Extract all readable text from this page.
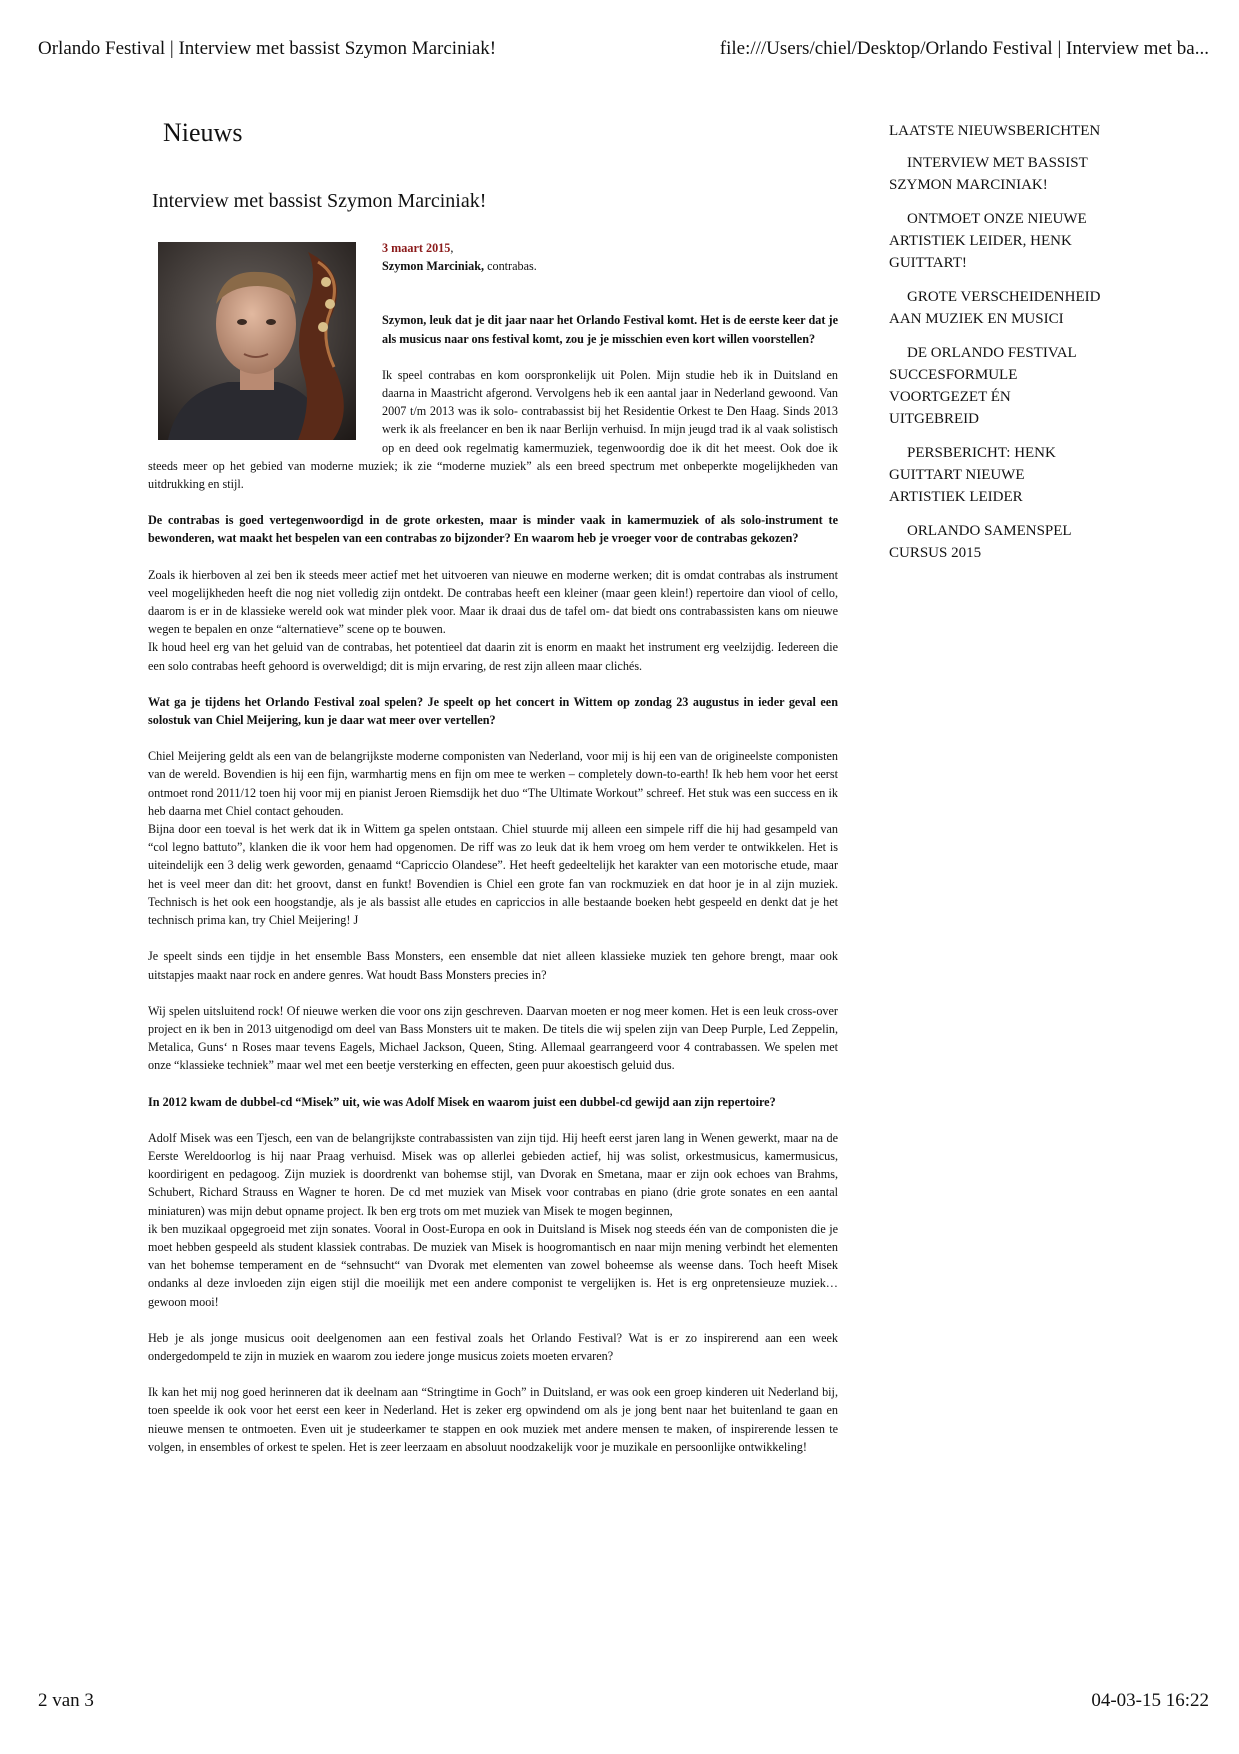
Orlando Festival | Interview met bassist Szymon Marciniak!	file:///Users/chiel/Desktop/Orlando Festival | Interview met ba...
Nieuws
Interview met bassist Szymon Marciniak!

3 maart 2015,
Szymon Marciniak, contrabas.

Szymon, leuk dat je dit jaar naar het Orlando Festival komt. Het is de eerste keer dat je als musicus naar ons festival komt, zou je je misschien even kort willen voorstellen?

Ik speel contrabas en kom oorspronkelijk uit Polen. Mijn studie heb ik in Duitsland en daarna in Maastricht afgerond. Vervolgens heb ik een aantal jaar in Nederland gewoond. Van 2007 t/m 2013 was ik solo- contrabassist bij het Residentie Orkest te Den Haag. Sinds 2013 werk ik als freelancer en ben ik naar Berlijn verhuisd. In mijn jeugd trad ik al vaak solistisch op en deed ook regelmatig kamermuziek, tegenwoordig doe ik dit het meest. Ook doe ik steeds meer op het gebied van moderne muziek; ik zie “moderne muziek” als een breed spectrum met onbeperkte mogelijkheden van uitdrukking en stijl.

De contrabas is goed vertegenwoordigd in de grote orkesten, maar is minder vaak in kamermuziek of als solo-instrument te bewonderen, wat maakt het bespelen van een contrabas zo bijzonder? En waarom heb je vroeger voor de contrabas gekozen?

Zoals ik hierboven al zei ben ik steeds meer actief met het uitvoeren van nieuwe en moderne werken; dit is omdat contrabas als instrument veel mogelijkheden heeft die nog niet volledig zijn ontdekt. De contrabas heeft een kleiner (maar geen klein!) repertoire dan viool of cello, daarom is er in de klassieke wereld ook wat minder plek voor. Maar ik draai dus de tafel om- dat biedt ons contrabassisten kans om nieuwe wegen te bepalen en onze “alternatieve” scene op te bouwen.
Ik houd heel erg van het geluid van de contrabas, het potentieel dat daarin zit is enorm en maakt het instrument erg veelzijdig. Iedereen die een solo contrabas heeft gehoord is overweldigd; dit is mijn ervaring, de rest zijn alleen maar clichés.

Wat ga je tijdens het Orlando Festival zoal spelen? Je speelt op het concert in Wittem op zondag 23 augustus in ieder geval een solostuk van Chiel Meijering, kun je daar wat meer over vertellen?

Chiel Meijering geldt als een van de belangrijkste moderne componisten van Nederland, voor mij is hij een van de origineelste componisten van de wereld. Bovendien is hij een fijn, warmhartig mens en fijn om mee te werken – completely down-to-earth! Ik heb hem voor het eerst ontmoet rond 2011/12 toen hij voor mij en pianist Jeroen Riemsdijk het duo “The Ultimate Workout” schreef. Het stuk was een success en ik heb daarna met Chiel contact gehouden.
Bijna door een toeval is het werk dat ik in Wittem ga spelen ontstaan. Chiel stuurde mij alleen een simpele riff die hij had gesampeld van “col legno battuto”, klanken die ik voor hem had opgenomen. De riff was zo leuk dat ik hem vroeg om hem verder te ontwikkelen. Het is uiteindelijk een 3 delig werk geworden, genaamd “Capriccio Olandese”. Het heeft gedeeltelijk het karakter van een motorische etude, maar het is veel meer dan dit: het groovt, danst en funkt! Bovendien is Chiel een grote fan van rockmuziek en dat hoor je in al zijn muziek. Technisch is het ook een hoogstandje, als je als bassist alle etudes en capriccios in alle bestaande boeken hebt gespeeld en denkt dat je het technisch prima kan, try Chiel Meijering! J

Je speelt sinds een tijdje in het ensemble Bass Monsters, een ensemble dat niet alleen klassieke muziek ten gehore brengt, maar ook uitstapjes maakt naar rock en andere genres. Wat houdt Bass Monsters precies in?

Wij spelen uitsluitend rock! Of nieuwe werken die voor ons zijn geschreven. Daarvan moeten er nog meer komen. Het is een leuk cross-over project en ik ben in 2013 uitgenodigd om deel van Bass Monsters uit te maken. De titels die wij spelen zijn van Deep Purple, Led Zeppelin, Metalica, Guns‘ n Roses maar tevens Eagels, Michael Jackson, Queen, Sting. Allemaal gearrangeerd voor 4 contrabassen. We spelen met onze “klassieke techniek” maar wel met een beetje versterking en effecten, geen puur akoestisch geluid dus.

In 2012 kwam de dubbel-cd “Misek” uit, wie was Adolf Misek en waarom juist een dubbel-cd gewijd aan zijn repertoire?

Adolf Misek was een Tjesch, een van de belangrijkste contrabassisten van zijn tijd. Hij heeft eerst jaren lang in Wenen gewerkt, maar na de Eerste Wereldoorlog is hij naar Praag verhuisd. Misek was op allerlei gebieden actief, hij was solist, orkestmusicus, kamermusicus, koordirigent en pedagoog. Zijn muziek is doordrenkt van bohemse stijl, van Dvorak en Smetana, maar er zijn ook echoes van Brahms, Schubert, Richard Strauss en Wagner te horen. De cd met muziek van Misek voor contrabas en piano (drie grote sonates en een aantal miniaturen) was mijn debut opname project. Ik ben erg trots om met muziek van Misek te mogen beginnen,
ik ben muzikaal opgegroeid met zijn sonates. Vooral in Oost-Europa en ook in Duitsland is Misek nog steeds één van de componisten die je moet hebben gespeeld als student klassiek contrabas. De muziek van Misek is hoogromantisch en naar mijn mening verbindt het elementen van het bohemse temperament en de “sehnsucht“ van Dvorak met elementen van zowel boheemse als weense dans. Toch heeft Misek ondanks al deze invloeden zijn eigen stijl die moeilijk met een andere componist te vergelijken is. Het is erg onpretensieuze muziek… gewoon mooi!

Heb je als jonge musicus ooit deelgenomen aan een festival zoals het Orlando Festival? Wat is er zo inspirerend aan een week ondergedompeld te zijn in muziek en waarom zou iedere jonge musicus zoiets moeten ervaren?

Ik kan het mij nog goed herinneren dat ik deelnam aan “Stringtime in Goch” in Duitsland, er was ook een groep kinderen uit Nederland bij, toen speelde ik ook voor het eerst een keer in Nederland. Het is zeker erg opwindend om als je jong bent naar het buitenland te gaan en nieuwe mensen te ontmoeten. Even uit je studeerkamer te stappen en ook muziek met andere mensen te maken, of inspirerende lessen te volgen, in ensembles of orkest te spelen. Het is zeer leerzaam en absoluut noodzakelijk voor je muzikale en persoonlijke ontwikkeling!

LAATSTE NIEUWSBERICHTEN
INTERVIEW MET BASSIST SZYMON MARCINIAK!
ONTMOET ONZE NIEUWE ARTISTIEK LEIDER, HENK GUITTART!
GROTE VERSCHEIDENHEID AAN MUZIEK EN MUSICI
DE ORLANDO FESTIVAL SUCCESFORMULE VOORTGEZET ÉN UITGEBREID
PERSBERICHT: HENK GUITTART NIEUWE ARTISTIEK LEIDER
ORLANDO SAMENSPEL CURSUS 2015
2 van 3	04-03-15 16:22
